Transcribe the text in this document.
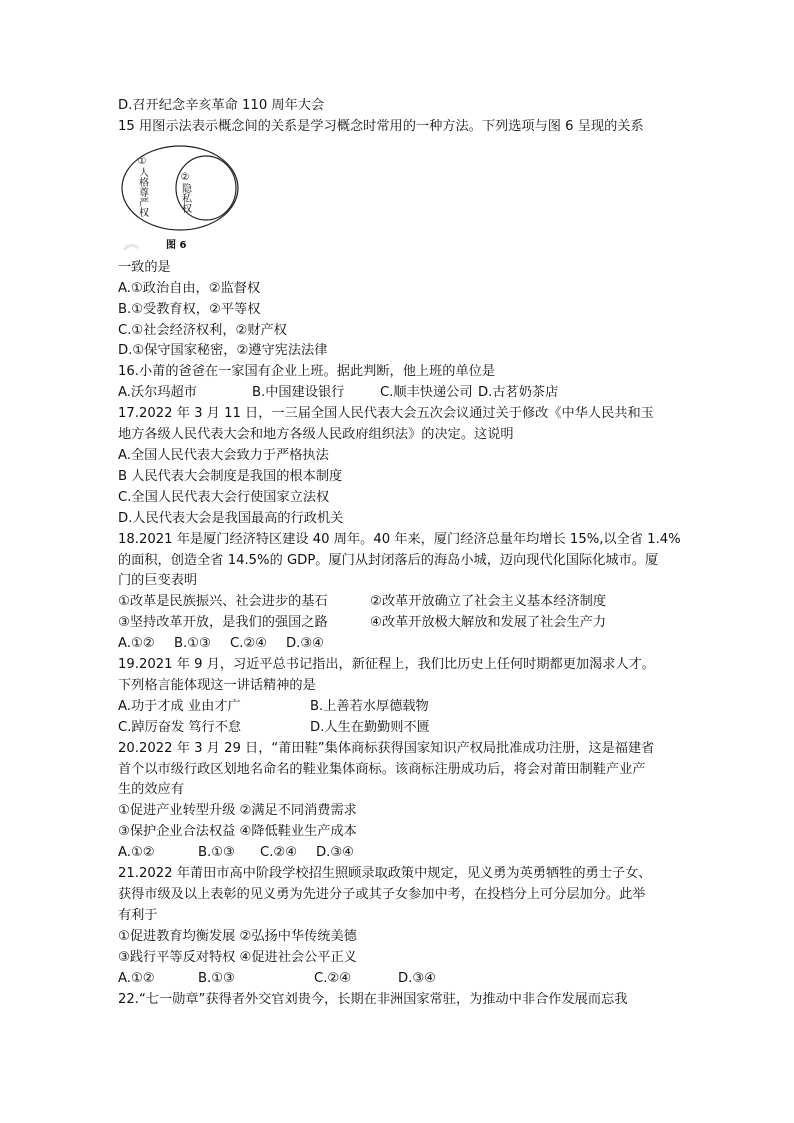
D.召开纪念辛亥革命 110 周年大会
15 用图示法表示概念间的关系是学习概念时常用的一种方法。下列选项与图 6 呈现的关系
①人格尊严权	②隐私权
图 6
一致的是
A.①政治自由，②监督权
B.①受教育权，②平等权
C.①社会经济权利，②财产权
D.①保守国家秘密，②遵守宪法法律
16.小莆的爸爸在一家国有企业上班。据此判断，他上班的单位是
A.沃尔玛超市	B.中国建设银行	C.顺丰快递公司 D.古茗奶茶店
17.2022 年 3 月 11 日，一三届全国人民代表大会五次会议通过关于修改《中华人民共和玉
地方各级人民代表大会和地方各级人民政府组织法》的决定。这说明
A.全国人民代表大会致力于严格执法
B 人民代表大会制度是我国的根本制度
C.全国人民代表大会行使国家立法权
D.人民代表大会是我国最高的行政机关
18.2021 年是厦门经济特区建设 40 周年。40 年来，厦门经济总量年均增长 15%,以全省 1.4%
的面积，创造全省 14.5%的 GDP。厦门从封闭落后的海岛小城，迈向现代化国际化城市。厦
门的巨变表明
①改革是民族振兴、社会进步的基石	②改革开放确立了社会主义基本经济制度
③坚持改革开放，是我们的强国之路	④改革开放极大解放和发展了社会生产力
A.①②	B.①③	C.②④	D.③④
19.2021 年 9 月，习近平总书记指出，新征程上，我们比历史上任何时期都更加渴求人才。
下列格言能体现这一讲话精神的是
A.功于才成 业由才广	B.上善若水厚德载物
C.踔厉奋发 笃行不怠	D.人生在勤勤则不匮
20.2022 年 3 月 29 日，“莆田鞋”集体商标获得国家知识产权局批准成功注册，这是福建省
首个以市级行政区划地名命名的鞋业集体商标。该商标注册成功后，将会对莆田制鞋产业产
生的效应有
①促进产业转型升级 ②满足不同消费需求
③保护企业合法权益 ④降低鞋业生产成本
A.①②	B.①③	C.②④	D.③④
21.2022 年莆田市高中阶段学校招生照顾录取政策中规定，见义勇为英勇牺牲的勇士子女、
获得市级及以上表彰的见义勇为先进分子或其子女参加中考，在投档分上可分层加分。此举
有利于
①促进教育均衡发展 ②弘扬中华传统美德
③践行平等反对特权 ④促进社会公平正义
A.①②	B.①③	C.②④	D.③④
22.“七一勋章”获得者外交官刘贵今，长期在非洲国家常驻，为推动中非合作发展而忘我
